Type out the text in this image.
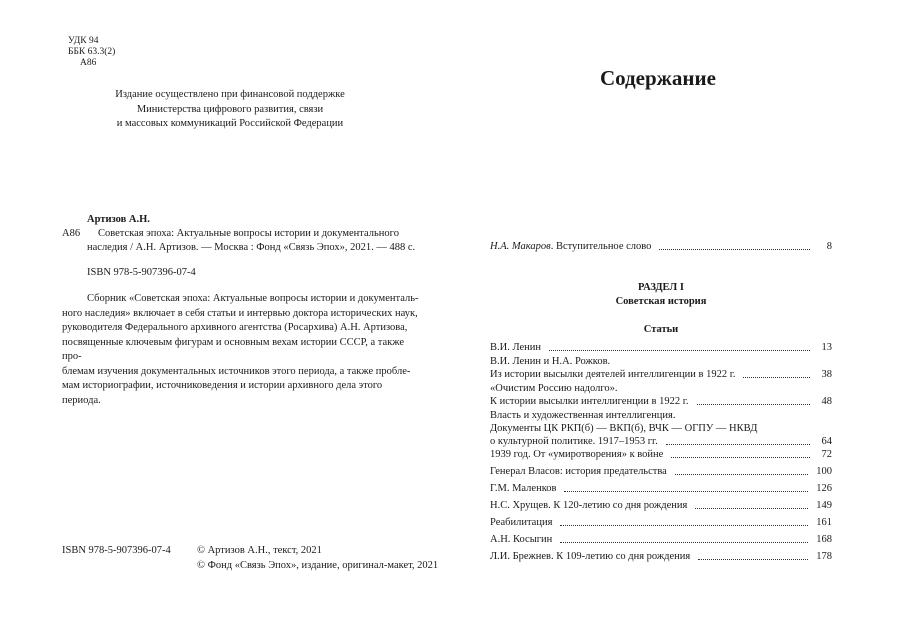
УДК 94
ББК 63.3(2)
А86
Издание осуществлено при финансовой поддержке
Министерства цифрового развития, связи
и массовых коммуникаций Российской Федерации
Артизов А.Н.
А86 Советская эпоха: Актуальные вопросы истории и документального
наследия / А.Н. Артизов. — Москва : Фонд «Связь Эпох», 2021. — 488 с.
ISBN 978-5-907396-07-4
Сборник «Советская эпоха: Актуальные вопросы истории и документаль-
ного наследия» включает в себя статьи и интервью доктора исторических наук,
руководителя Федерального архивного агентства (Росархива) А.Н. Артизова,
посвященные ключевым фигурам и основным вехам истории СССР, а также про-
блемам изучения документальных источников этого периода, а также пробле-
мам историографии, источниковедения и истории архивного дела этого периода.
ISBN 978-5-907396-07-4 © Артизов А.Н., текст, 2021
© Фонд «Связь Эпох», издание, оригинал-макет, 2021
Содержание
Н.А. Макаров. Вступительное слово	8
РАЗДЕЛ I
Советская история
Статьи
В.И. Ленин	13
В.И. Ленин и Н.А. Рожков.
Из истории высылки деятелей интеллигенции в 1922 г.	38
«Очистим Россию надолго».
К истории высылки интеллигенции в 1922 г.	48
Власть и художественная интеллигенция.
Документы ЦК РКП(б) — ВКП(б), ВЧК — ОГПУ — НКВД
о культурной политике. 1917–1953 гг.	64
1939 год. От «умиротворения» к войне	72
Генерал Власов: история предательства	100
Г.М. Маленков	126
Н.С. Хрущев. К 120-летию со дня рождения	149
Реабилитация	161
А.Н. Косыгин	168
Л.И. Брежнев. К 109-летию со дня рождения	178
